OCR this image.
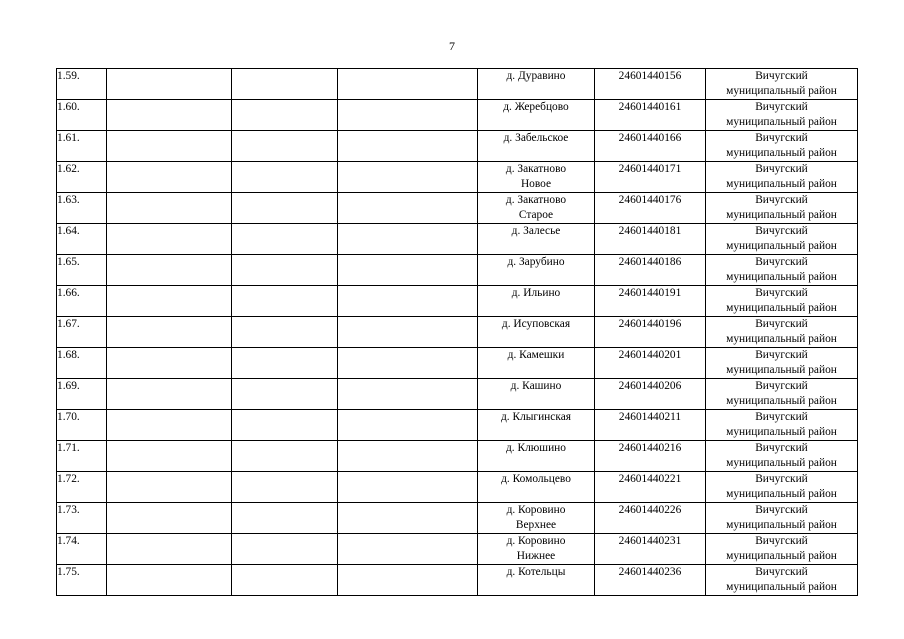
7
1.59.				д. Дуравино	24601440156	Вичугский
муниципальный район

1.60.				д. Жеребцово	24601440161	Вичугский
муниципальный район

1.61.				д. Забельское	24601440166	Вичугский
муниципальный район

1.62.				д. Закатново
Новое	24601440171	Вичугский
муниципальный район

1.63.				д. Закатново
Старое	24601440176	Вичугский
муниципальный район

1.64.				д. Залесье	24601440181	Вичугский
муниципальный район

1.65.				д. Зарубино	24601440186	Вичугский
муниципальный район

1.66.				д. Ильино	24601440191	Вичугский
муниципальный район

1.67.				д. Исуповская	24601440196	Вичугский
муниципальный район

1.68.				д. Камешки	24601440201	Вичугский
муниципальный район

1.69.				д. Кашино	24601440206	Вичугский
муниципальный район

1.70.				д. Клыгинская	24601440211	Вичугский
муниципальный район

1.71.				д. Клюшино	24601440216	Вичугский
муниципальный район

1.72.				д. Комольцево	24601440221	Вичугский
муниципальный район

1.73.				д. Коровино
Верхнее	24601440226	Вичугский
муниципальный район

1.74.				д. Коровино
Нижнее	24601440231	Вичугский
муниципальный район

1.75.				д. Котельцы	24601440236	Вичугский
муниципальный район
